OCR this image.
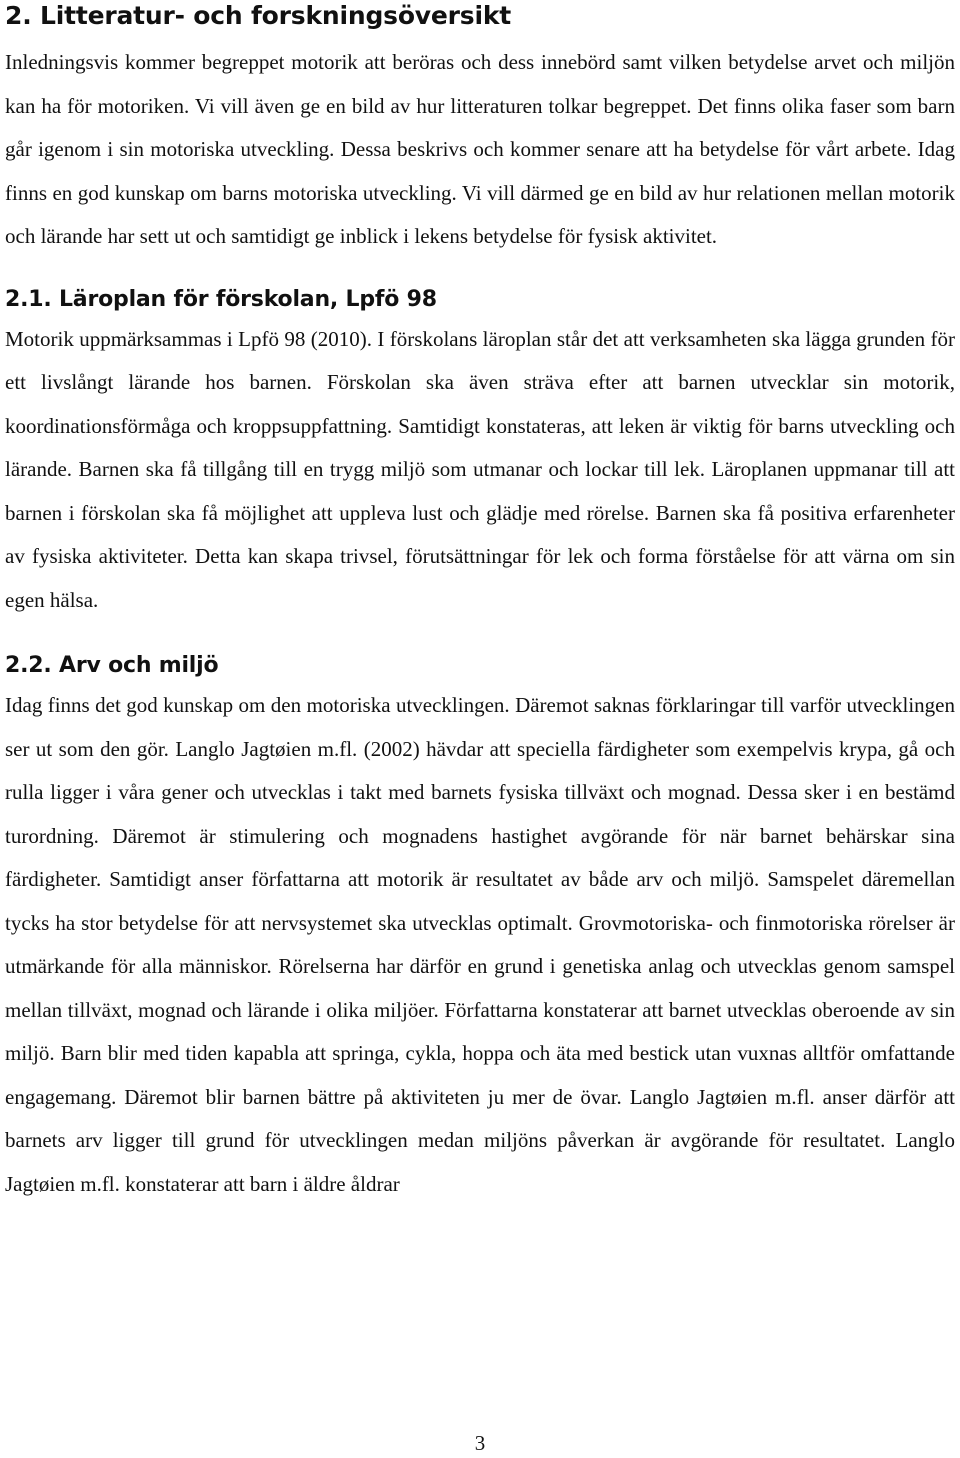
2. Litteratur- och forskningsöversikt

Inledningsvis kommer begreppet motorik att beröras och dess innebörd samt vilken betydelse arvet och miljön kan ha för motoriken. Vi vill även ge en bild av hur litteraturen tolkar begreppet. Det finns olika faser som barn går igenom i sin motoriska utveckling. Dessa beskrivs och kommer senare att ha betydelse för vårt arbete. Idag finns en god kunskap om barns motoriska utveckling. Vi vill därmed ge en bild av hur relationen mellan motorik och lärande har sett ut och samtidigt ge inblick i lekens betydelse för fysisk aktivitet.

2.1. Läroplan för förskolan, Lpfö 98

Motorik uppmärksammas i Lpfö 98 (2010). I förskolans läroplan står det att verksamheten ska lägga grunden för ett livslångt lärande hos barnen. Förskolan ska även sträva efter att barnen utvecklar sin motorik, koordinationsförmåga och kroppsuppfattning. Samtidigt konstateras, att leken är viktig för barns utveckling och lärande. Barnen ska få tillgång till en trygg miljö som utmanar och lockar till lek. Läroplanen uppmanar till att barnen i förskolan ska få möjlighet att uppleva lust och glädje med rörelse. Barnen ska få positiva erfarenheter av fysiska aktiviteter. Detta kan skapa trivsel, förutsättningar för lek och forma förståelse för att värna om sin egen hälsa.

2.2. Arv och miljö

Idag finns det god kunskap om den motoriska utvecklingen. Däremot saknas förklaringar till varför utvecklingen ser ut som den gör. Langlo Jagtøien m.fl. (2002) hävdar att speciella färdigheter som exempelvis krypa, gå och rulla ligger i våra gener och utvecklas i takt med barnets fysiska tillväxt och mognad. Dessa sker i en bestämd turordning. Däremot är stimulering och mognadens hastighet avgörande för när barnet behärskar sina färdigheter. Samtidigt anser författarna att motorik är resultatet av både arv och miljö. Samspelet däremellan tycks ha stor betydelse för att nervsystemet ska utvecklas optimalt. Grovmotoriska- och finmotoriska rörelser är utmärkande för alla människor. Rörelserna har därför en grund i genetiska anlag och utvecklas genom samspel mellan tillväxt, mognad och lärande i olika miljöer. Författarna konstaterar att barnet utvecklas oberoende av sin miljö. Barn blir med tiden kapabla att springa, cykla, hoppa och äta med bestick utan vuxnas alltför omfattande engagemang. Däremot blir barnen bättre på aktiviteten ju mer de övar. Langlo Jagtøien m.fl. anser därför att barnets arv ligger till grund för utvecklingen medan miljöns påverkan är avgörande för resultatet. Langlo Jagtøien m.fl. konstaterar att barn i äldre åldrar

3
